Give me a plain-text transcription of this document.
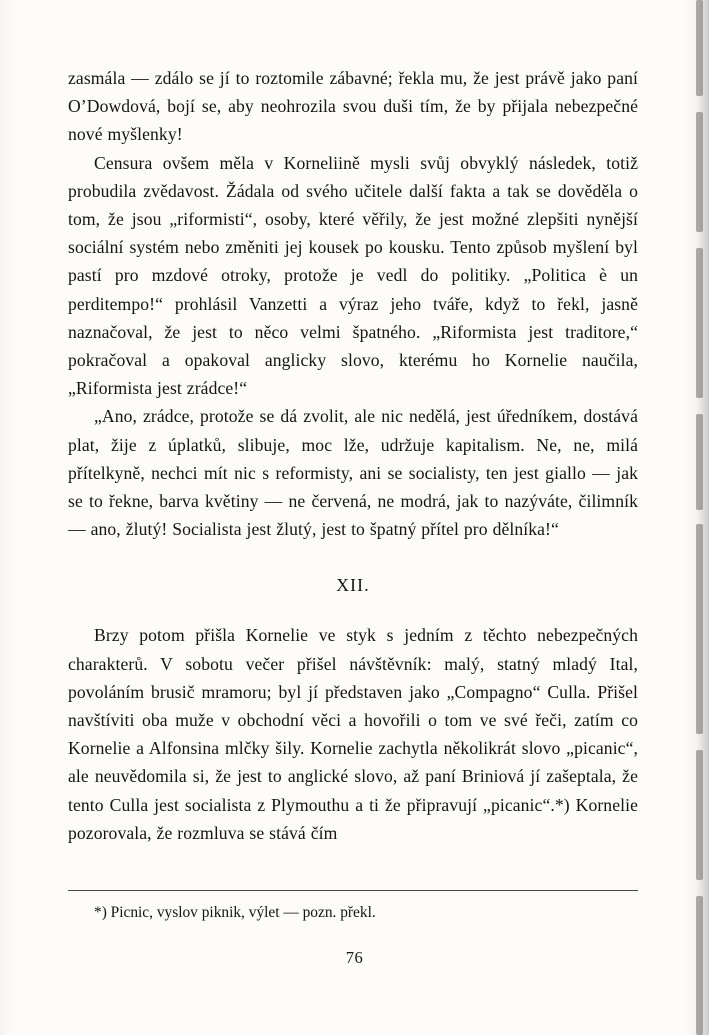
zasmála — zdálo se jí to roztomile zábavné; řekla mu, že jest právě jako paní O’Dowdová, bojí se, aby neohrozila svou duši tím, že by přijala nebezpečné nové myšlenky!

Censura ovšem měla v Korneliině mysli svůj obvyklý následek, totiž probudila zvědavost. Žádala od svého učitele další fakta a tak se dověděla o tom, že jsou „riformisti“, osoby, které věřily, že jest možné zlepšiti nynější sociální systém nebo změniti jej kousek po kousku. Tento způsob myšlení byl pastí pro mzdové otroky, protože je vedl do politiky. „Politica è un perditempo!“ prohlásil Vanzetti a výraz jeho tváře, když to řekl, jasně naznačoval, že jest to něco velmi špatného. „Riformista jest traditore,“ pokračoval a opakoval anglicky slovo, kterému ho Kornelie naučila, „Riformista jest zrádce!“

„Ano, zrádce, protože se dá zvolit, ale nic nedělá, jest úředníkem, dostává plat, žije z úplatků, slibuje, moc lže, udržuje kapitalism. Ne, ne, milá přítelkyně, nechci mít nic s reformisty, ani se socialisty, ten jest giallo — jak se to řekne, barva květiny — ne červená, ne modrá, jak to nazýváte, čilimník — ano, žlutý! Socialista jest žlutý, jest to špatný přítel pro dělníka!“

XII.

Brzy potom přišla Kornelie ve styk s jedním z těchto nebezpečných charakterů. V sobotu večer přišel návštěvník: malý, statný mladý Ital, povoláním brusič mramoru; byl jí představen jako „Compagno“ Culla. Přišel navštíviti oba muže v obchodní věci a hovořili o tom ve své řeči, zatím co Kornelie a Alfonsina mlčky šily. Kornelie zachytla několikrát slovo „picanic“, ale neuvědomila si, že jest to anglické slovo, až paní Briniová jí zašeptala, že tento Culla jest socialista z Plymouthu a ti že připravují „picanic“.*) Kornelie pozorovala, že rozmluva se stává čím

*) Picnic, vyslov piknik, výlet — pozn. překl.

76
